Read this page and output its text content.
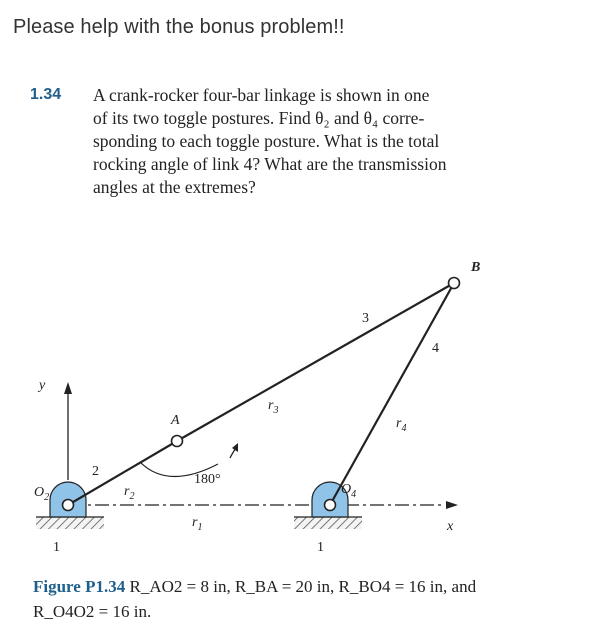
Please help with the bonus problem!!
1.34 A crank-rocker four-bar linkage is shown in one
of its two toggle postures. Find θ₂ and θ₄ corre-
sponding to each toggle posture. What is the total
rocking angle of link 4? What are the transmission
angles at the extremes?
B
A
3
4
$r_3$
$r_4$
y
x
2
$r_2$
180°
$r_1$
$O_2$
$O_4$
1	1
Figure P1.34 R_AO2 = 8 in, R_BA = 20 in, R_BO4 = 16 in, and
R_O4O2 = 16 in.
